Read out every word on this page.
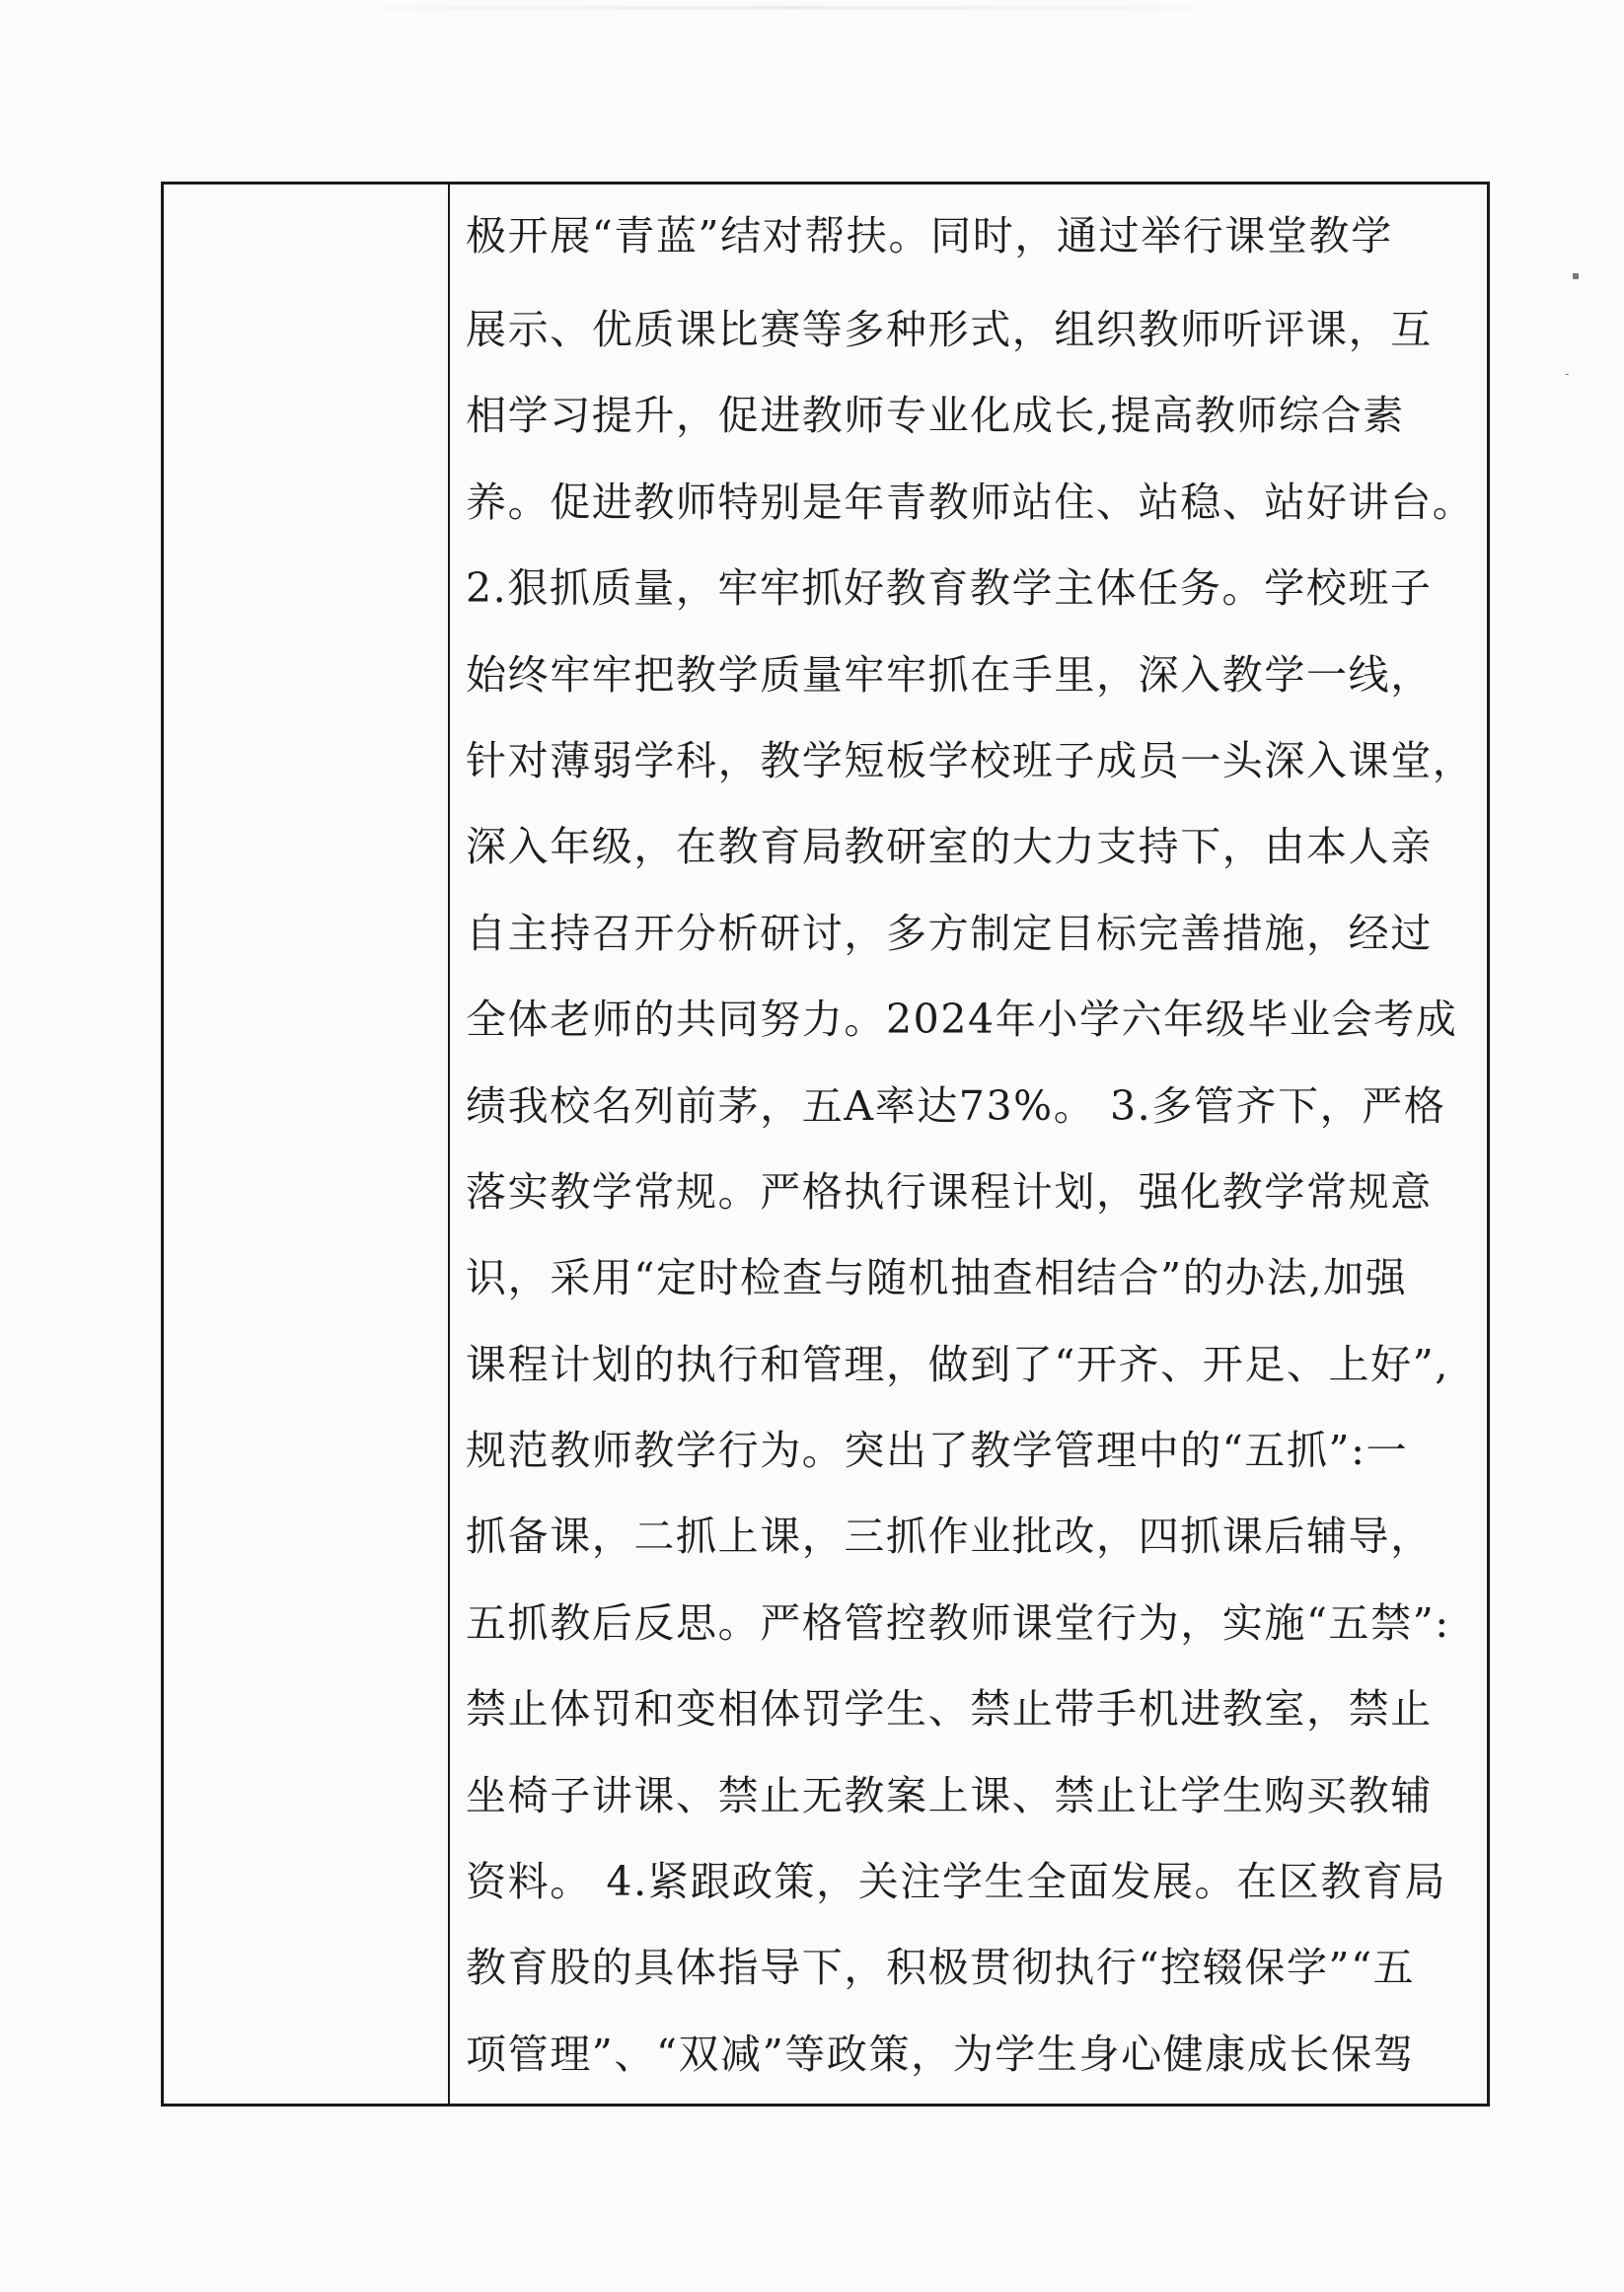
极开展“青蓝”结对帮扶。同时，通过举行课堂教学
展示、优质课比赛等多种形式，组织教师听评课，互
相学习提升，促进教师专业化成长,提高教师综合素
养。促进教师特别是年青教师站住、站稳、站好讲台。
2.狠抓质量，牢牢抓好教育教学主体任务。学校班子
始终牢牢把教学质量牢牢抓在手里，深入教学一线，
针对薄弱学科，教学短板学校班子成员一头深入课堂，
深入年级，在教育局教研室的大力支持下，由本人亲
自主持召开分析研讨，多方制定目标完善措施，经过
全体老师的共同努力。2024年小学六年级毕业会考成
绩我校名列前茅，五A率达73%。 3.多管齐下，严格
落实教学常规。严格执行课程计划，强化教学常规意
识，采用“定时检查与随机抽查相结合”的办法,加强
课程计划的执行和管理，做到了“开齐、开足、上好”,
规范教师教学行为。突出了教学管理中的“五抓”:一
抓备课，二抓上课，三抓作业批改，四抓课后辅导，
五抓教后反思。严格管控教师课堂行为，实施“五禁”:
禁止体罚和变相体罚学生、禁止带手机进教室，禁止
坐椅子讲课、禁止无教案上课、禁止让学生购买教辅
资料。 4.紧跟政策，关注学生全面发展。在区教育局
教育股的具体指导下，积极贯彻执行“控辍保学”“五
项管理”、“双减”等政策，为学生身心健康成长保驾
▪
-
